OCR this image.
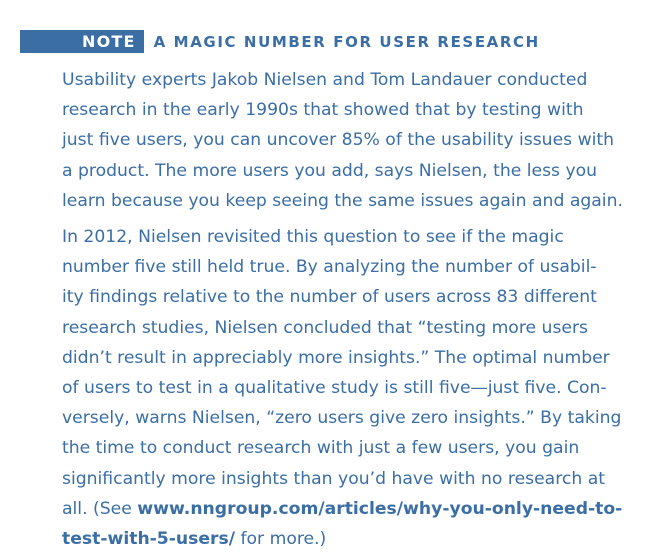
NOTE	A MAGIC NUMBER FOR USER RESEARCH

Usability experts Jakob Nielsen and Tom Landauer conducted
research in the early 1990s that showed that by testing with
just five users, you can uncover 85% of the usability issues with
a product. The more users you add, says Nielsen, the less you
learn because you keep seeing the same issues again and again.

In 2012, Nielsen revisited this question to see if the magic
number five still held true. By analyzing the number of usabil-
ity findings relative to the number of users across 83 different
research studies, Nielsen concluded that “testing more users
didn’t result in appreciably more insights.” The optimal number
of users to test in a qualitative study is still five—just five. Con-
versely, warns Nielsen, “zero users give zero insights.” By taking
the time to conduct research with just a few users, you gain
significantly more insights than you’d have with no research at
all. (See www.nngroup.com/articles/why-you-only-need-to-
test-with-5-users/ for more.)
